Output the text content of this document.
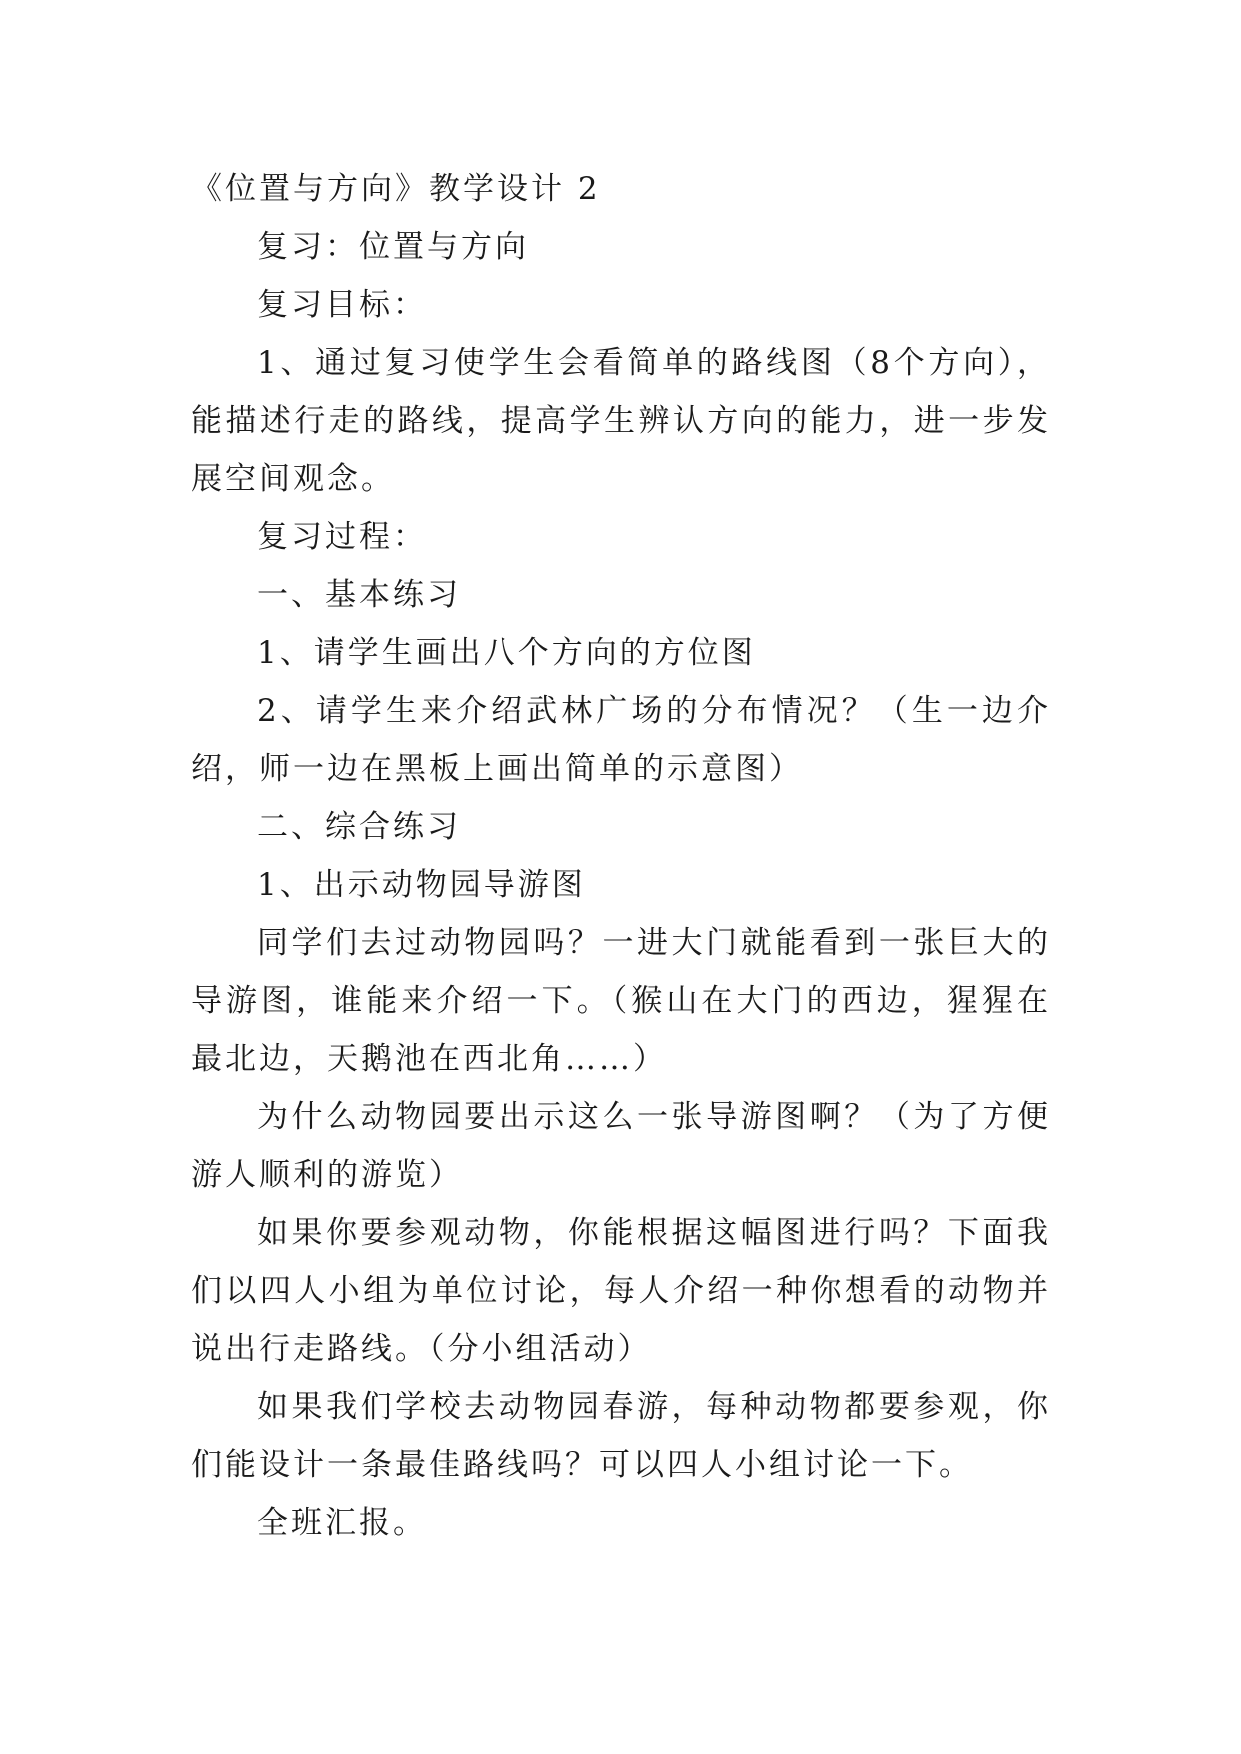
《位置与方向》教学设计 2

复习：位置与方向

复习目标：

1、通过复习使学生会看简单的路线图（8个方向），能描述行走的路线，提高学生辨认方向的能力，进一步发展空间观念。

复习过程：

一、基本练习

1、请学生画出八个方向的方位图

2、请学生来介绍武林广场的分布情况？（生一边介绍，师一边在黑板上画出简单的示意图）

二、综合练习

1、出示动物园导游图

同学们去过动物园吗？一进大门就能看到一张巨大的导游图，谁能来介绍一下。（猴山在大门的西边，猩猩在最北边，天鹅池在西北角……）

为什么动物园要出示这么一张导游图啊？（为了方便游人顺利的游览）

如果你要参观动物，你能根据这幅图进行吗？下面我们以四人小组为单位讨论，每人介绍一种你想看的动物并说出行走路线。（分小组活动）

如果我们学校去动物园春游，每种动物都要参观，你们能设计一条最佳路线吗？可以四人小组讨论一下。

全班汇报。
